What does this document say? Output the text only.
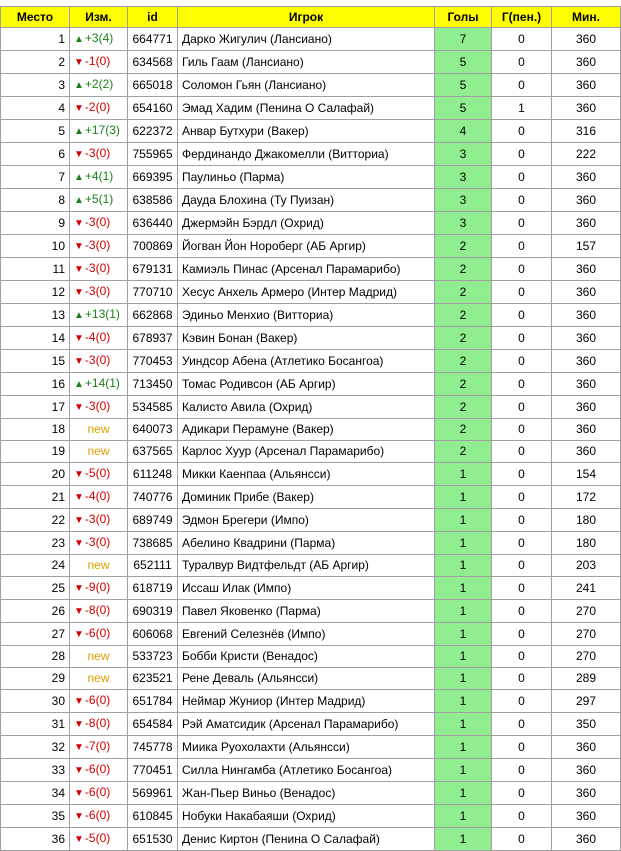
Место	Изм.	id	Игрок	Голы	Г(пен.)	Мин.
1	▲+3(4)	664771	Дарко Жигулич (Лансиано)	7	0	360
2	▼-1(0)	634568	Гиль Гаам (Лансиано)	5	0	360
3	▲+2(2)	665018	Соломон Гьян (Лансиано)	5	0	360
4	▼-2(0)	654160	Эмад Хадим (Пенина О Салафай)	5	1	360
5	▲+17(3)	622372	Анвар Бутхури (Вакер)	4	0	316
6	▼-3(0)	755965	Фердинандо Джакомелли (Витториа)	3	0	222
7	▲+4(1)	669395	Паулиньо (Парма)	3	0	360
8	▲+5(1)	638586	Дауда Блохина (Ту Пуизан)	3	0	360
9	▼-3(0)	636440	Джермэйн Бэрдл (Охрид)	3	0	360
10	▼-3(0)	700869	Йогван Йон Нороберг (АБ Аргир)	2	0	157
11	▼-3(0)	679131	Камиэль Пинас (Арсенал Парамарибо)	2	0	360
12	▼-3(0)	770710	Хесус Анхель Армеро (Интер Мадрид)	2	0	360
13	▲+13(1)	662868	Эдиньо Менхио (Витториа)	2	0	360
14	▼-4(0)	678937	Кэвин Бонан (Вакер)	2	0	360
15	▼-3(0)	770453	Уиндсор Абена (Атлетико Босангоа)	2	0	360
16	▲+14(1)	713450	Томас Родивсон (АБ Аргир)	2	0	360
17	▼-3(0)	534585	Калисто Авила (Охрид)	2	0	360
18	new	640073	Адикари Перамуне (Вакер)	2	0	360
19	new	637565	Карлос Хуур (Арсенал Парамарибо)	2	0	360
20	▼-5(0)	611248	Микки Каенпаа (Альянсси)	1	0	154
21	▼-4(0)	740776	Доминик Прибе (Вакер)	1	0	172
22	▼-3(0)	689749	Эдмон Брегери (Импо)	1	0	180
23	▼-3(0)	738685	Абелино Квадрини (Парма)	1	0	180
24	new	652111	Туралвур Видтфельдт (АБ Аргир)	1	0	203
25	▼-9(0)	618719	Иссаш Илак (Импо)	1	0	241
26	▼-8(0)	690319	Павел Яковенко (Парма)	1	0	270
27	▼-6(0)	606068	Евгений Селезнёв (Импо)	1	0	270
28	new	533723	Бобби Кристи (Венадос)	1	0	270
29	new	623521	Рене Деваль (Альянсси)	1	0	289
30	▼-6(0)	651784	Неймар Жуниор (Интер Мадрид)	1	0	297
31	▼-8(0)	654584	Рэй Аматсидик (Арсенал Парамарибо)	1	0	350
32	▼-7(0)	745778	Миика Руохолахти (Альянсси)	1	0	360
33	▼-6(0)	770451	Силла Нингамба (Атлетико Босангоа)	1	0	360
34	▼-6(0)	569961	Жан-Пьер Виньо (Венадос)	1	0	360
35	▼-6(0)	610845	Нобуки Накабаяши (Охрид)	1	0	360
36	▼-5(0)	651530	Денис Киртон (Пенина О Салафай)	1	0	360
